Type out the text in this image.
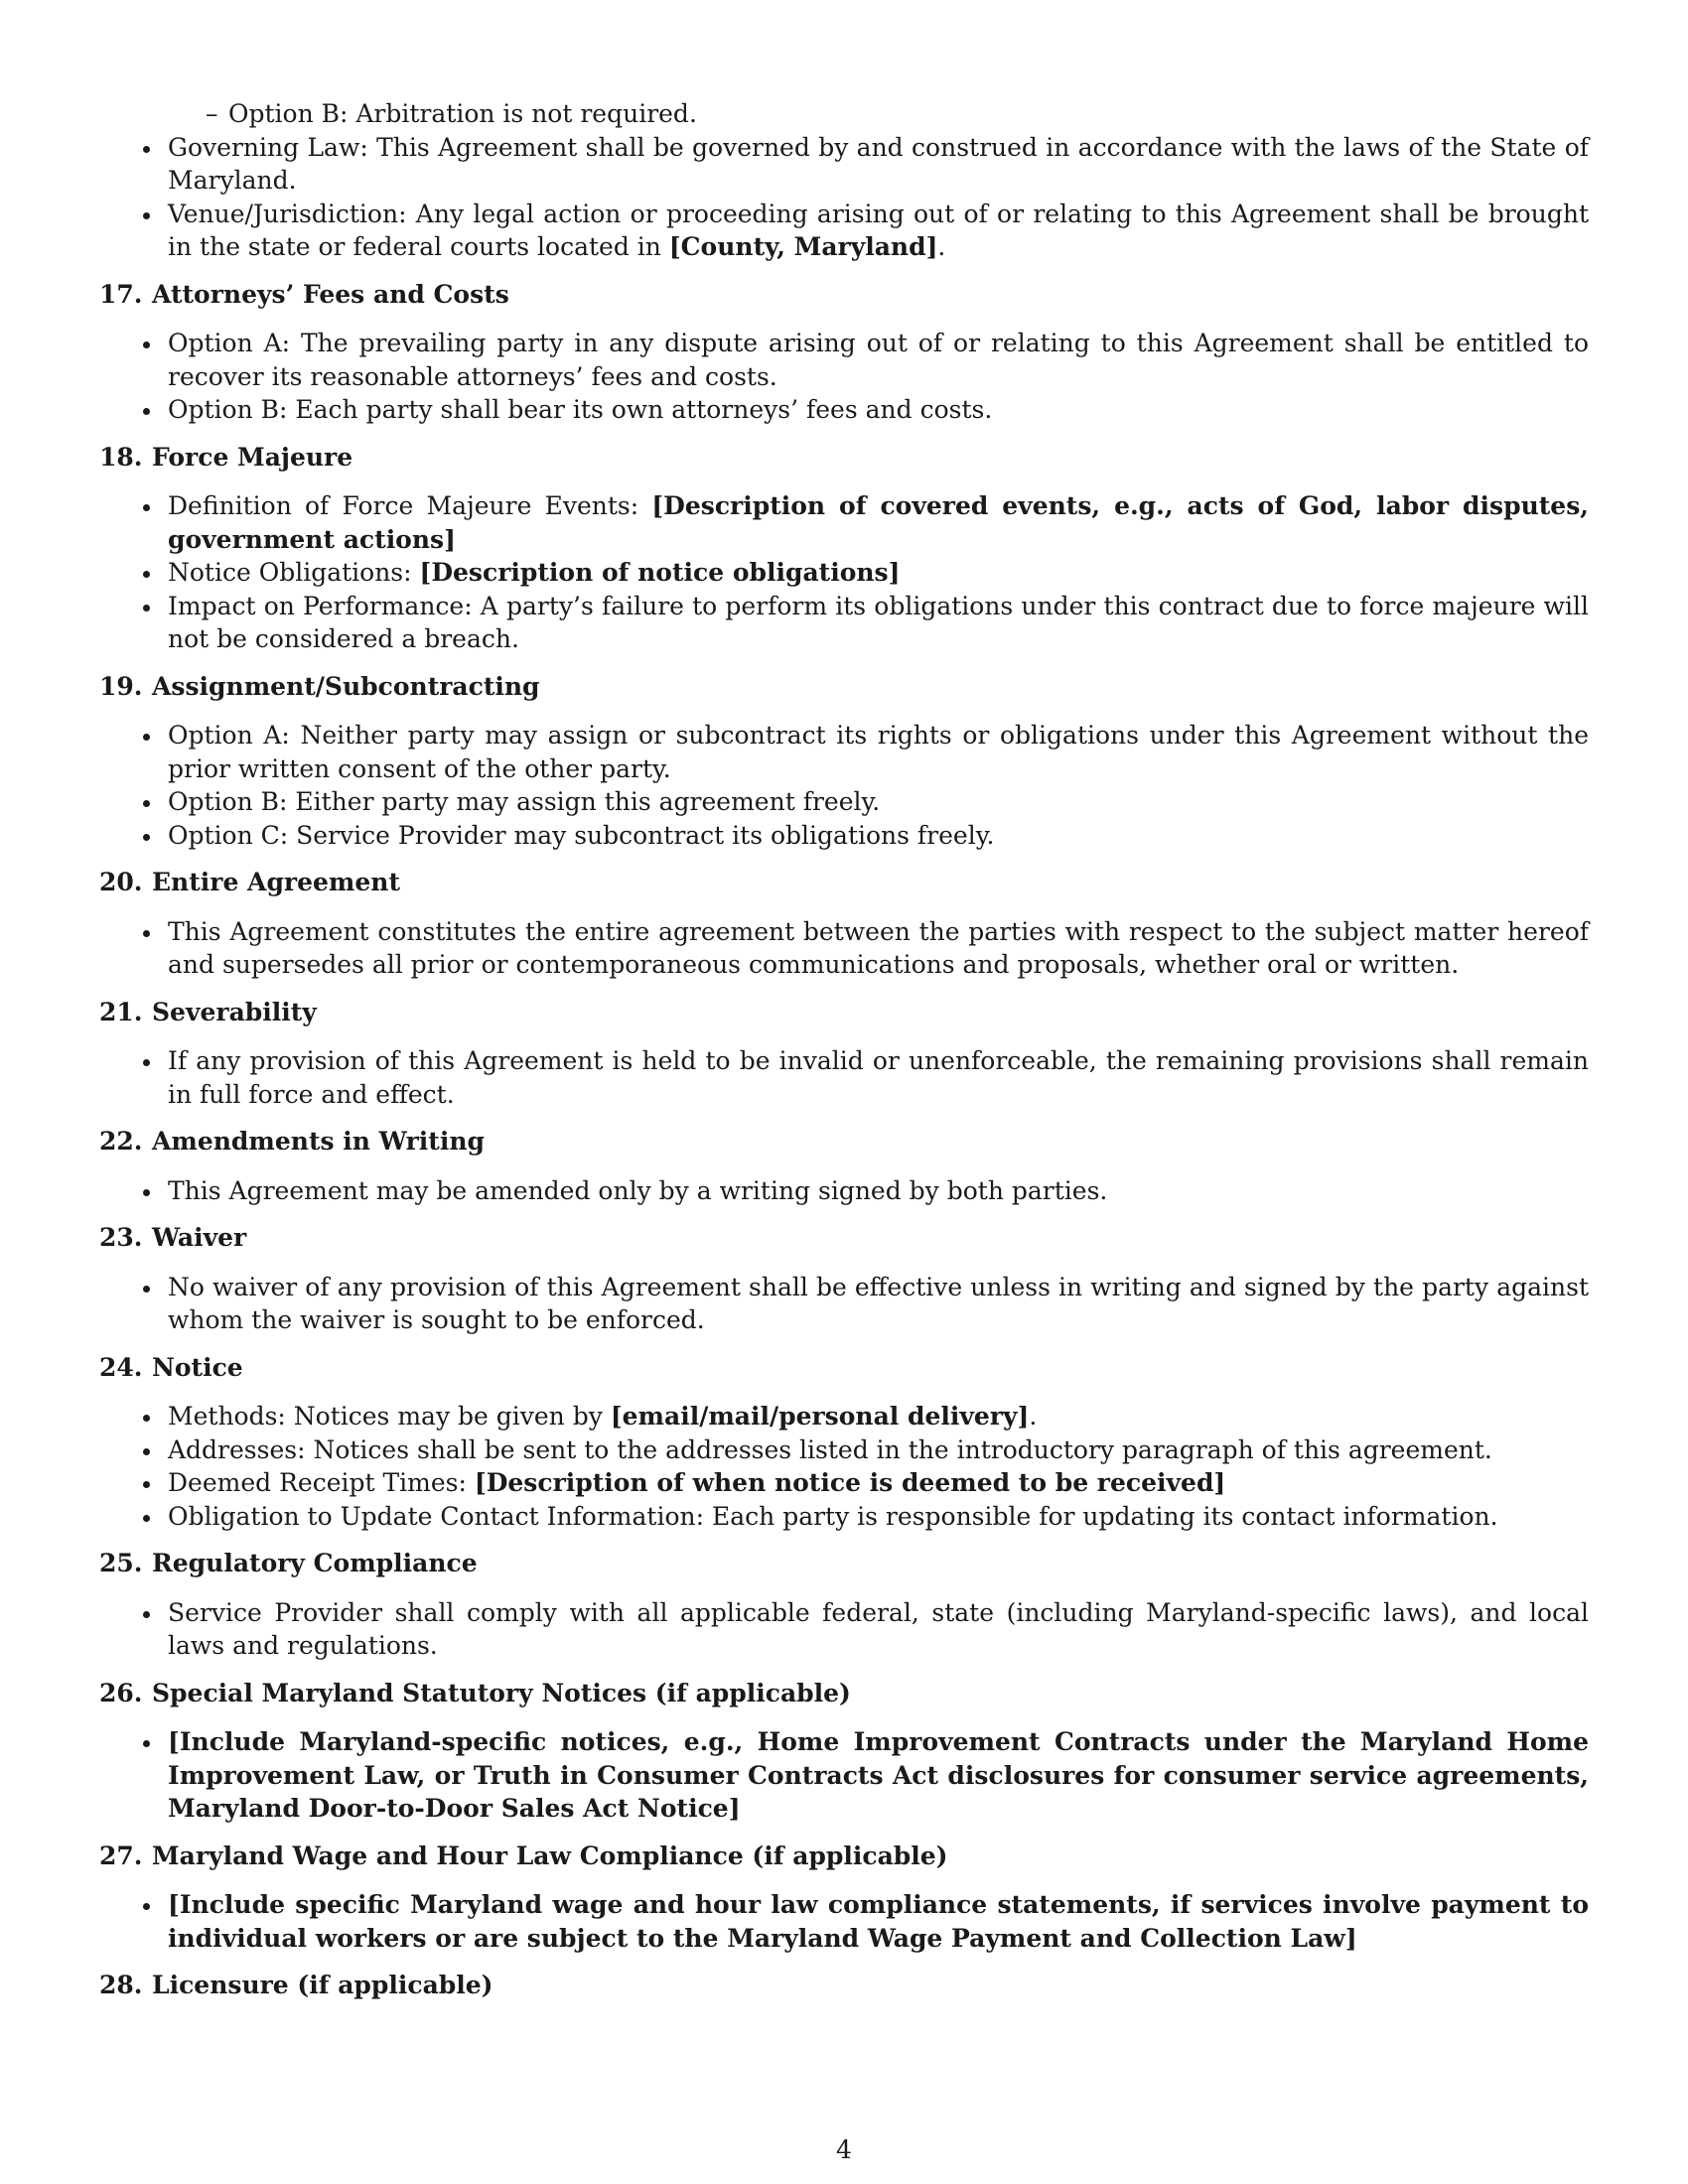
– Option B: Arbitration is not required.
Governing Law: This Agreement shall be governed by and construed in accordance with the laws of the State of Maryland.
Venue/Jurisdiction: Any legal action or proceeding arising out of or relating to this Agreement shall be brought in the state or federal courts located in [County, Maryland].
17. Attorneys’ Fees and Costs
Option A: The prevailing party in any dispute arising out of or relating to this Agreement shall be entitled to recover its reasonable attorneys’ fees and costs.
Option B: Each party shall bear its own attorneys’ fees and costs.
18. Force Majeure
Definition of Force Majeure Events: [Description of covered events, e.g., acts of God, labor disputes, government actions]
Notice Obligations: [Description of notice obligations]
Impact on Performance: A party’s failure to perform its obligations under this contract due to force majeure will not be considered a breach.
19. Assignment/Subcontracting
Option A: Neither party may assign or subcontract its rights or obligations under this Agreement without the prior written consent of the other party.
Option B: Either party may assign this agreement freely.
Option C: Service Provider may subcontract its obligations freely.
20. Entire Agreement
This Agreement constitutes the entire agreement between the parties with respect to the subject matter hereof and supersedes all prior or contemporaneous communications and proposals, whether oral or written.
21. Severability
If any provision of this Agreement is held to be invalid or unenforceable, the remaining provisions shall remain in full force and effect.
22. Amendments in Writing
This Agreement may be amended only by a writing signed by both parties.
23. Waiver
No waiver of any provision of this Agreement shall be effective unless in writing and signed by the party against whom the waiver is sought to be enforced.
24. Notice
Methods: Notices may be given by [email/mail/personal delivery].
Addresses: Notices shall be sent to the addresses listed in the introductory paragraph of this agreement.
Deemed Receipt Times: [Description of when notice is deemed to be received]
Obligation to Update Contact Information: Each party is responsible for updating its contact information.
25. Regulatory Compliance
Service Provider shall comply with all applicable federal, state (including Maryland-specific laws), and local laws and regulations.
26. Special Maryland Statutory Notices (if applicable)
[Include Maryland-specific notices, e.g., Home Improvement Contracts under the Maryland Home Improvement Law, or Truth in Consumer Contracts Act disclosures for consumer service agreements, Maryland Door-to-Door Sales Act Notice]
27. Maryland Wage and Hour Law Compliance (if applicable)
[Include specific Maryland wage and hour law compliance statements, if services involve payment to individual workers or are subject to the Maryland Wage Payment and Collection Law]
28. Licensure (if applicable)
4
